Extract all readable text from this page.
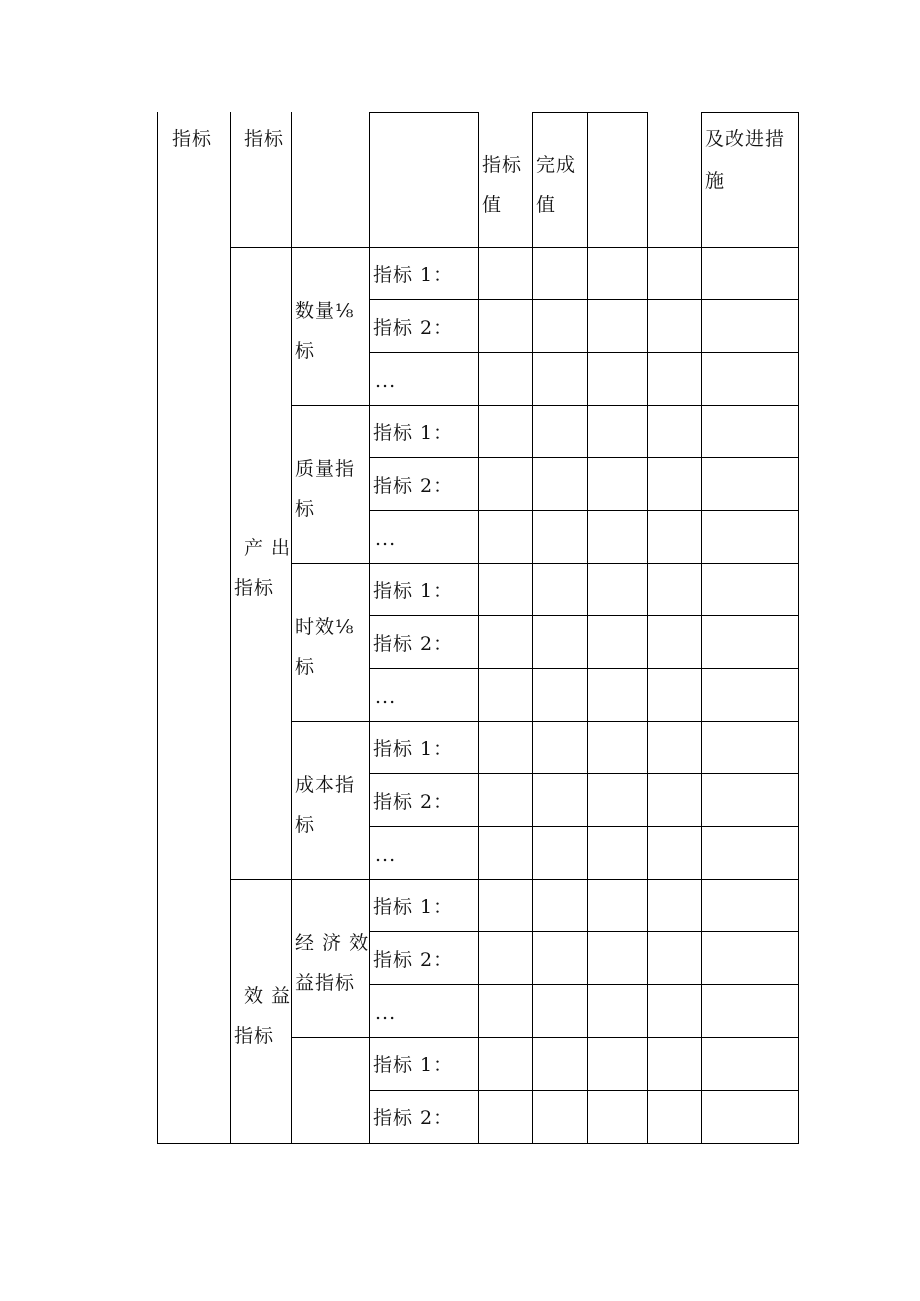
指标 指标
指标
值
完成
值
及改进措
施
产 出
指标
效 益
指标
数量⅛
标
质量指
标
时效⅛
标
成本指
标
经 济 效
益指标
指标 1：
指标 2：
...
指标 1：
指标 2：
...
指标 1：
指标 2：
...
指标 1：
指标 2：
...
指标 1：
指标 2：
...
指标 1：
指标 2：
